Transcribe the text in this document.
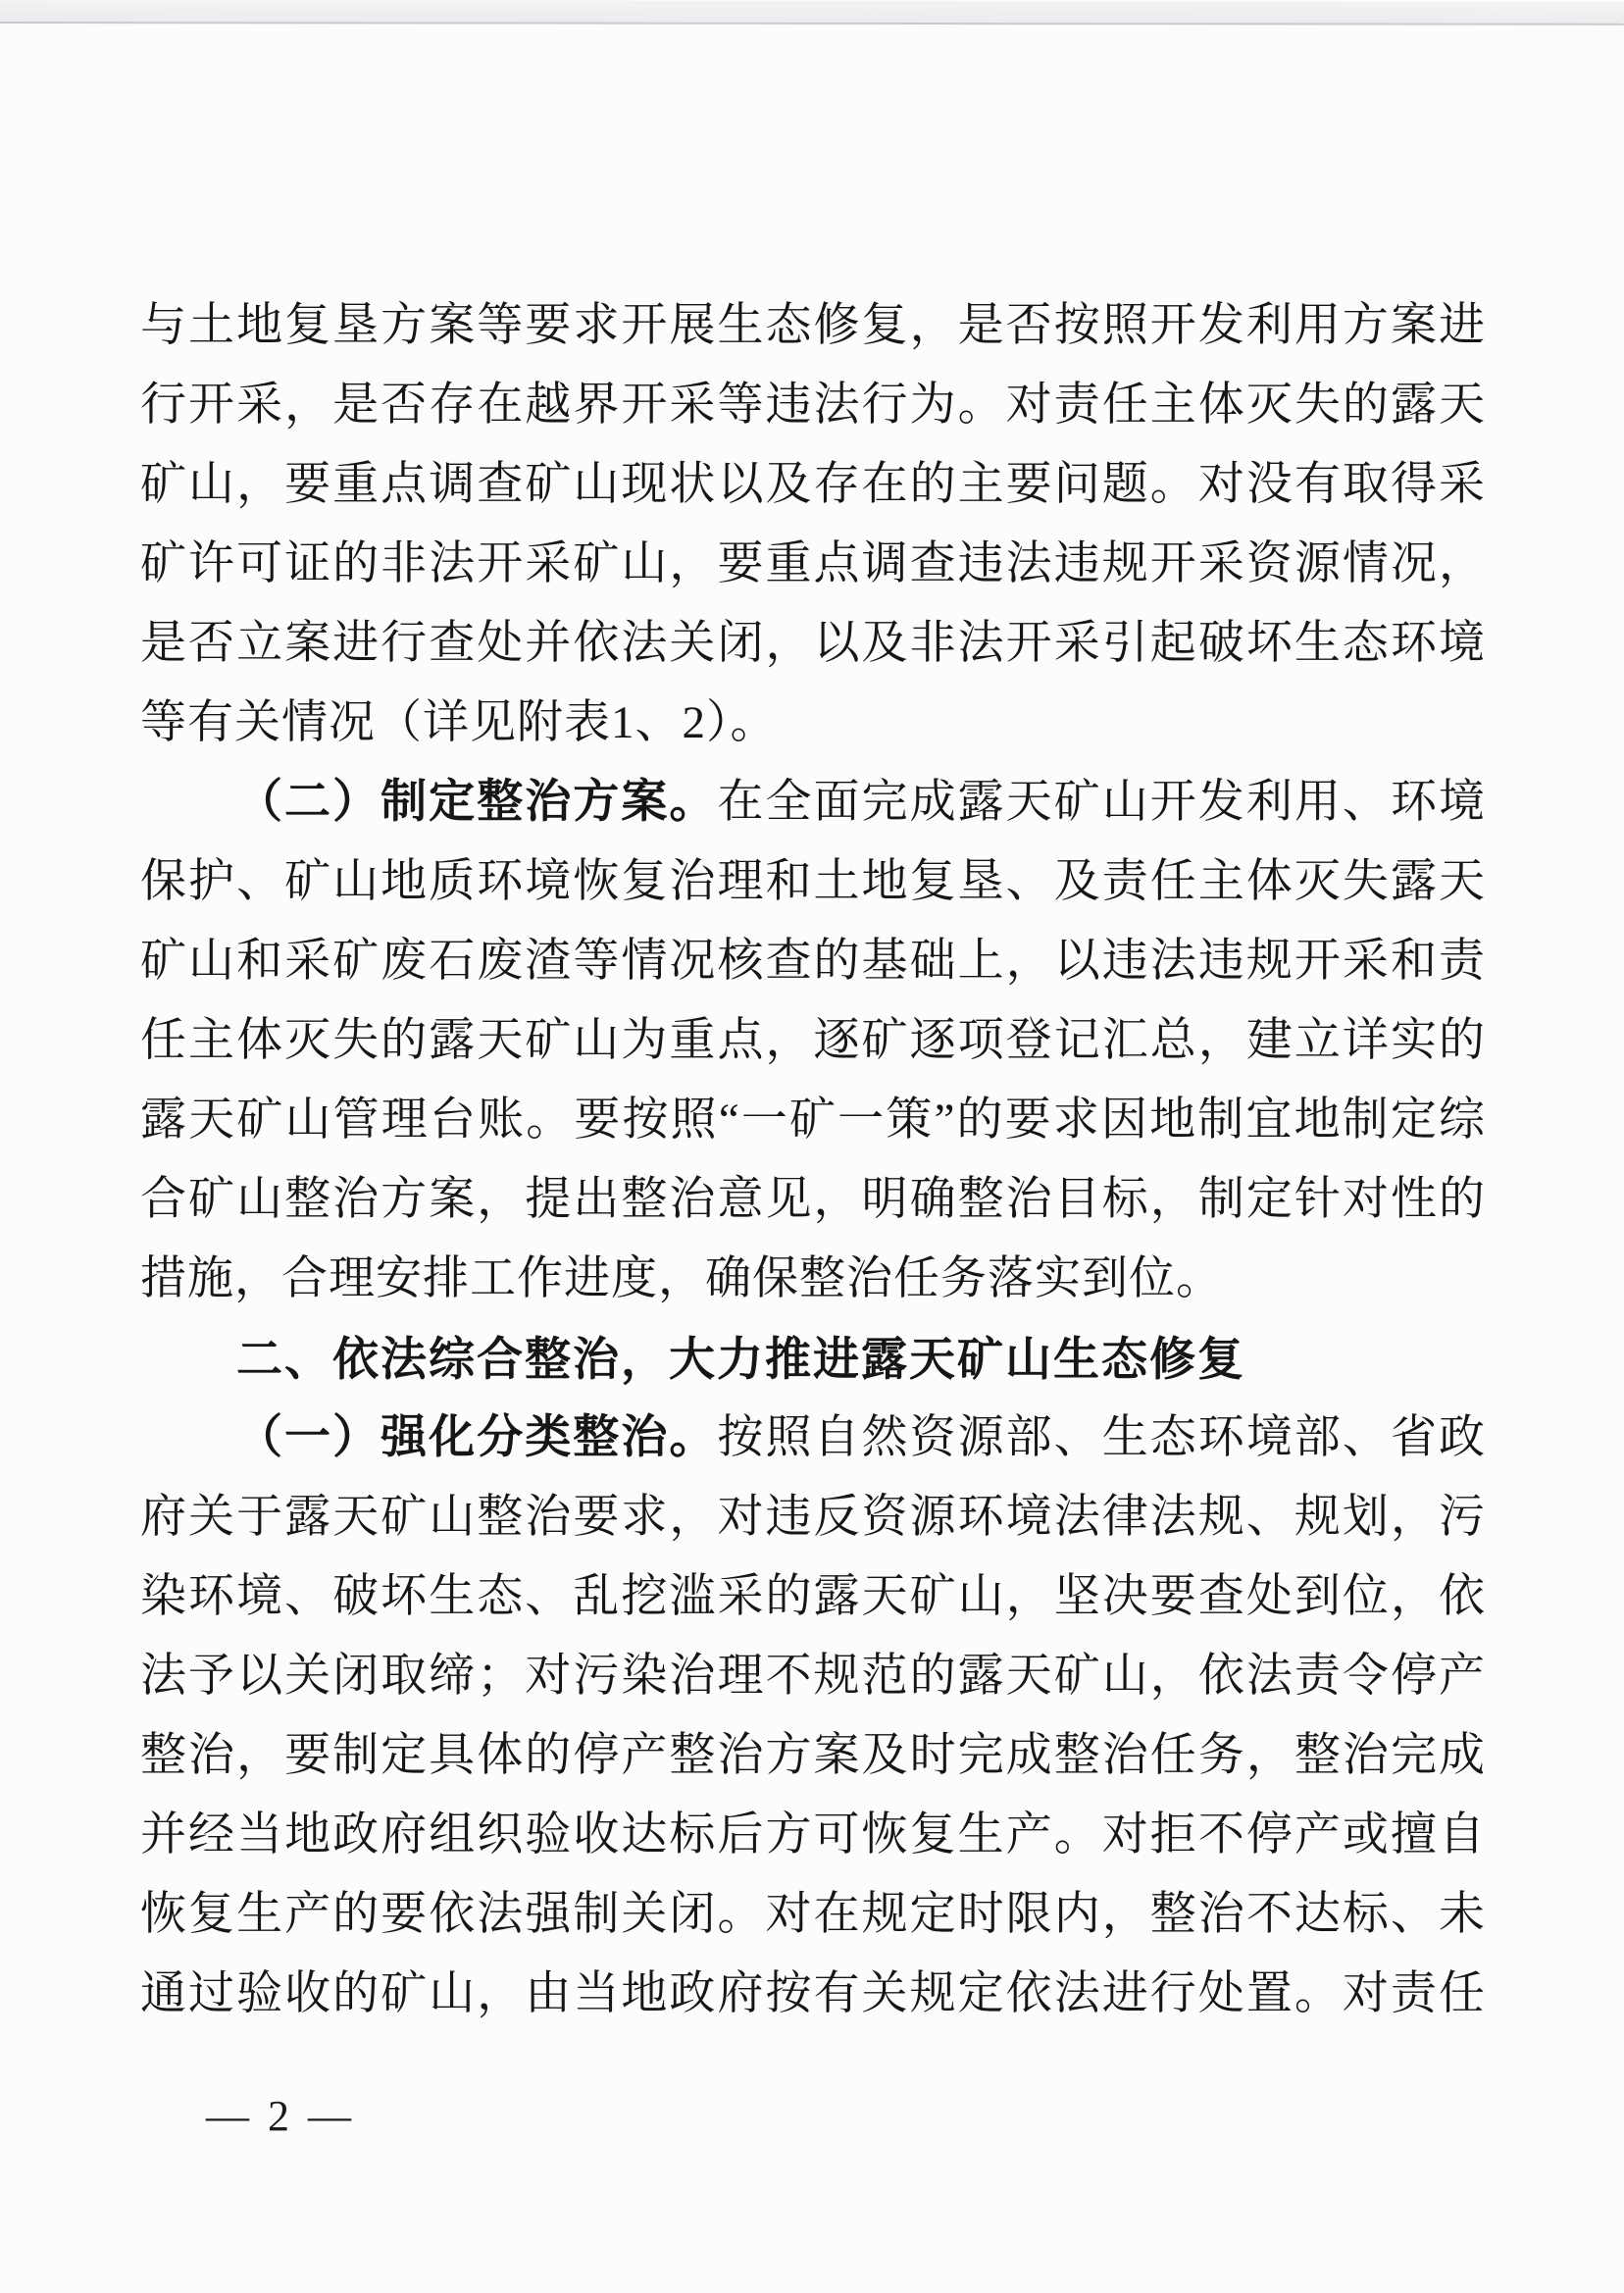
与土地复垦方案等要求开展生态修复，是否按照开发利用方案进
行开采，是否存在越界开采等违法行为。对责任主体灭失的露天
矿山，要重点调查矿山现状以及存在的主要问题。对没有取得采
矿许可证的非法开采矿山，要重点调查违法违规开采资源情况，
是否立案进行查处并依法关闭，以及非法开采引起破坏生态环境
等有关情况（详见附表1、2）。
（二）制定整治方案。在全面完成露天矿山开发利用、环境
保护、矿山地质环境恢复治理和土地复垦、及责任主体灭失露天
矿山和采矿废石废渣等情况核查的基础上，以违法违规开采和责
任主体灭失的露天矿山为重点，逐矿逐项登记汇总，建立详实的
露天矿山管理台账。要按照“一矿一策”的要求因地制宜地制定综
合矿山整治方案，提出整治意见，明确整治目标，制定针对性的
措施，合理安排工作进度，确保整治任务落实到位。
二、依法综合整治，大力推进露天矿山生态修复
（一）强化分类整治。按照自然资源部、生态环境部、省政
府关于露天矿山整治要求，对违反资源环境法律法规、规划，污
染环境、破坏生态、乱挖滥采的露天矿山，坚决要查处到位，依
法予以关闭取缔；对污染治理不规范的露天矿山，依法责令停产
整治，要制定具体的停产整治方案及时完成整治任务，整治完成
并经当地政府组织验收达标后方可恢复生产。对拒不停产或擅自
恢复生产的要依法强制关闭。对在规定时限内，整治不达标、未
通过验收的矿山，由当地政府按有关规定依法进行处置。对责任
— 2 —
